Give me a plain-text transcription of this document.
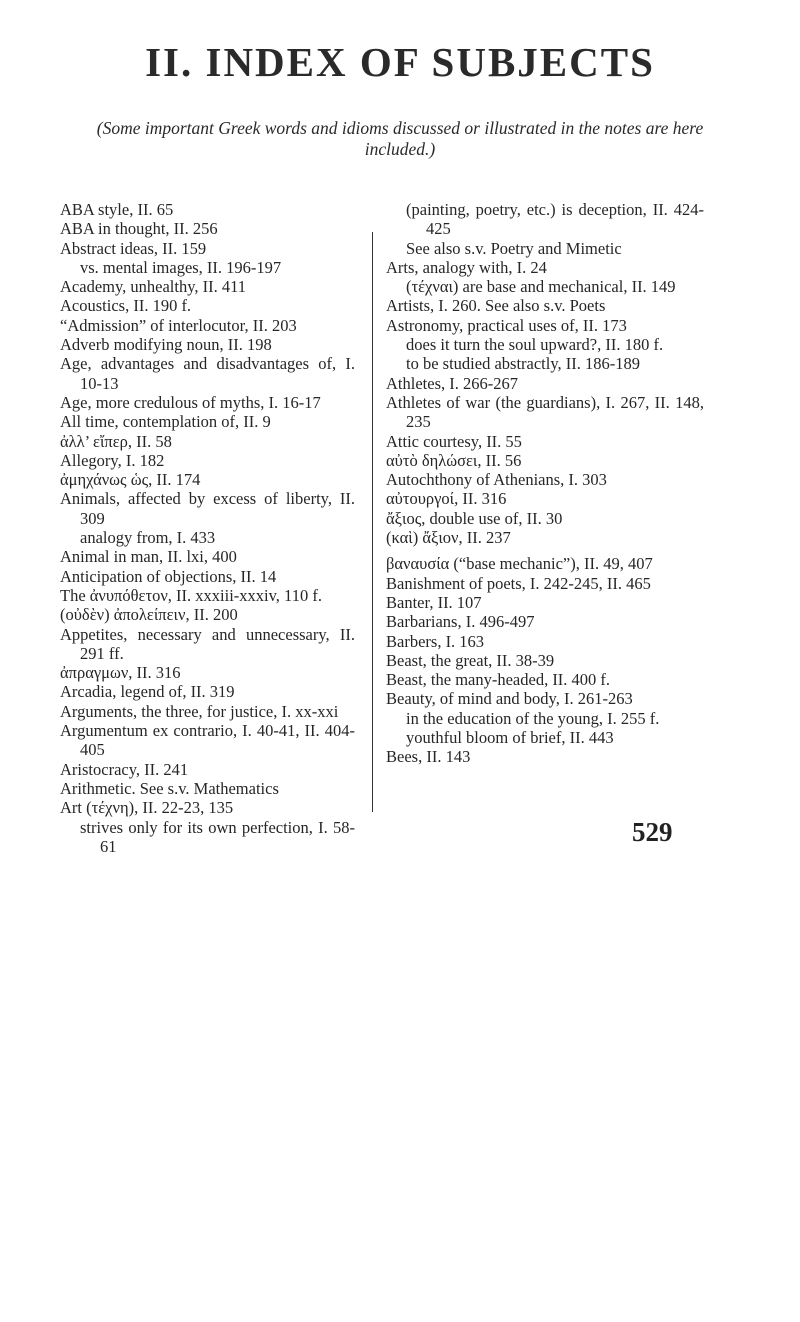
II. INDEX OF SUBJECTS
(Some important Greek words and idioms discussed or illustrated in the notes are here included.)

ABA style, II. 65

ABA in thought, II. 256

Abstract ideas, II. 159

vs. mental images, II. 196-197

Academy, unhealthy, II. 411

Acoustics, II. 190 f.

“Admission” of interlocutor, II. 203

Adverb modifying noun, II. 198

Age, advantages and disadvantages of, I. 10-13

Age, more credulous of myths, I. 16-17

All time, contemplation of, II. 9

ἀλλ’ εἴπερ, II. 58

Allegory, I. 182

ἀμηχάνως ὡς, II. 174

Animals, affected by excess of liberty, II. 309

analogy from, I. 433

Animal in man, II. lxi, 400

Anticipation of objections, II. 14

The ἀνυπόθετον, II. xxxiii-xxxiv, 110 f.

(οὐδὲν) ἀπολείπειν, II. 200

Appetites, necessary and unnecessary, II. 291 ff.

ἀπραγμων, II. 316

Arcadia, legend of, II. 319

Arguments, the three, for justice, I. xx-xxi

Argumentum ex contrario, I. 40-41, II. 404-405

Aristocracy, II. 241

Arithmetic. See s.v. Mathematics

Art (τέχνη), II. 22-23, 135

strives only for its own perfection, I. 58-61

(painting, poetry, etc.) is deception, II. 424-425

See also s.v. Poetry and Mimetic

Arts, analogy with, I. 24

(τέχναι) are base and mechanical, II. 149

Artists, I. 260. See also s.v. Poets

Astronomy, practical uses of, II. 173

does it turn the soul upward?, II. 180 f.

to be studied abstractly, II. 186-189

Athletes, I. 266-267

Athletes of war (the guardians), I. 267, II. 148, 235

Attic courtesy, II. 55

αὐτὸ δηλώσει, II. 56

Autochthony of Athenians, I. 303

αὐτουργοί, II. 316

ἄξιος, double use of, II. 30

(καὶ) ἄξιον, II. 237

βαναυσία (“base mechanic”), II. 49, 407

Banishment of poets, I. 242-245, II. 465

Banter, II. 107

Barbarians, I. 496-497

Barbers, I. 163

Beast, the great, II. 38-39

Beast, the many-headed, II. 400 f.

Beauty, of mind and body, I. 261-263

in the education of the young, I. 255 f.

youthful bloom of brief, II. 443

Bees, II. 143

529
